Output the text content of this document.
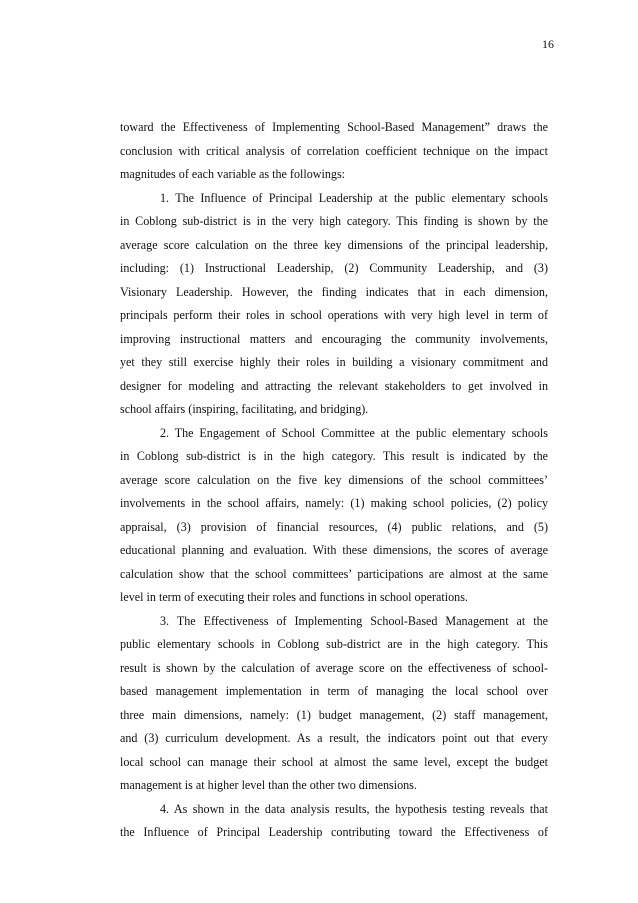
16

toward the Effectiveness of Implementing School-Based Management” draws the

conclusion with critical analysis of correlation coefficient technique on the impact

magnitudes of each variable as the followings:

1. The Influence of Principal Leadership at the public elementary schools

in Coblong sub-district is in the very high category. This finding is shown by the

average score calculation on the three key dimensions of the principal leadership,

including: (1) Instructional Leadership, (2) Community Leadership, and (3)

Visionary Leadership. However, the finding indicates that in each dimension,

principals perform their roles in school operations with very high level in term of

improving instructional matters and encouraging the community involvements,

yet they still exercise highly their roles in building a visionary commitment and

designer for modeling and attracting the relevant stakeholders to get involved in

school affairs (inspiring, facilitating, and bridging).

2. The Engagement of School Committee at the public elementary schools

in Coblong sub-district is in the high category. This result is indicated by the

average score calculation on the five key dimensions of the school committees’

involvements in the school affairs, namely: (1) making school policies, (2) policy

appraisal, (3) provision of financial resources, (4) public relations, and (5)

educational planning and evaluation. With these dimensions, the scores of average

calculation show that the school committees’ participations are almost at the same

level in term of executing their roles and functions in school operations.

3. The Effectiveness of Implementing School-Based Management at the

public elementary schools in Coblong sub-district are in the high category. This

result is shown by the calculation of average score on the effectiveness of school-

based management implementation in term of managing the local school over

three main dimensions, namely: (1) budget management, (2) staff management,

and (3) curriculum development. As a result, the indicators point out that every

local school can manage their school at almost the same level, except the budget

management is at higher level than the other two dimensions.

4. As shown in the data analysis results, the hypothesis testing reveals that

the Influence of Principal Leadership contributing toward the Effectiveness of
